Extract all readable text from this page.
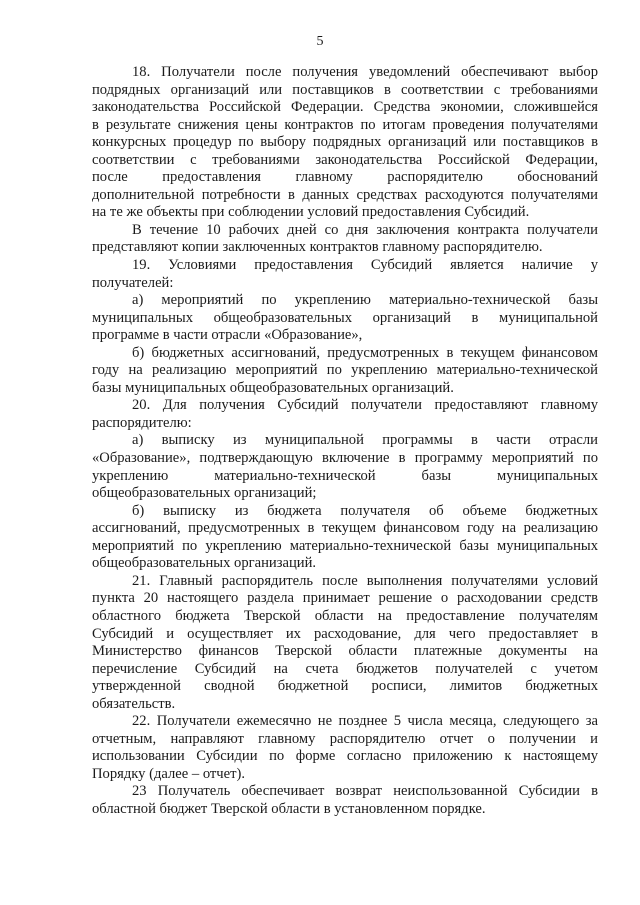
5

18. Получатели после получения уведомлений обеспечивают выбор
подрядных организаций или поставщиков в соответствии с требованиями
законодательства Российской Федерации. Средства экономии, сложившейся
в результате снижения цены контрактов по итогам проведения получателями
конкурсных процедур по выбору подрядных организаций или поставщиков в
соответствии с требованиями законодательства Российской Федерации,
после предоставления главному распорядителю обоснований
дополнительной потребности в данных средствах расходуются получателями
на те же объекты при соблюдении условий предоставления Субсидий.

В течение 10 рабочих дней со дня заключения контракта получатели
представляют копии заключенных контрактов главному распорядителю.

19. Условиями предоставления Субсидий является наличие у
получателей:

а) мероприятий по укреплению материально-технической базы
муниципальных общеобразовательных организаций в муниципальной
программе в части отрасли «Образование»,

б) бюджетных ассигнований, предусмотренных в текущем финансовом
году на реализацию мероприятий по укреплению материально-технической
базы муниципальных общеобразовательных организаций.

20. Для получения Субсидий получатели предоставляют главному
распорядителю:

а) выписку из муниципальной программы в части отрасли
«Образование», подтверждающую включение в программу мероприятий по
укреплению материально-технической базы муниципальных
общеобразовательных организаций;

б) выписку из бюджета получателя об объеме бюджетных
ассигнований, предусмотренных в текущем финансовом году на реализацию
мероприятий по укреплению материально-технической базы муниципальных
общеобразовательных организаций.

21. Главный распорядитель после выполнения получателями условий
пункта 20 настоящего раздела принимает решение о расходовании средств
областного бюджета Тверской области на предоставление получателям
Субсидий и осуществляет их расходование, для чего предоставляет в
Министерство финансов Тверской области платежные документы на
перечисление Субсидий на счета бюджетов получателей с учетом
утвержденной сводной бюджетной росписи, лимитов бюджетных
обязательств.

22. Получатели ежемесячно не позднее 5 числа месяца, следующего за
отчетным, направляют главному распорядителю отчет о получении и
использовании Субсидии по форме согласно приложению к настоящему
Порядку (далее – отчет).

23 Получатель обеспечивает возврат неиспользованной Субсидии в
областной бюджет Тверской области в установленном порядке.
